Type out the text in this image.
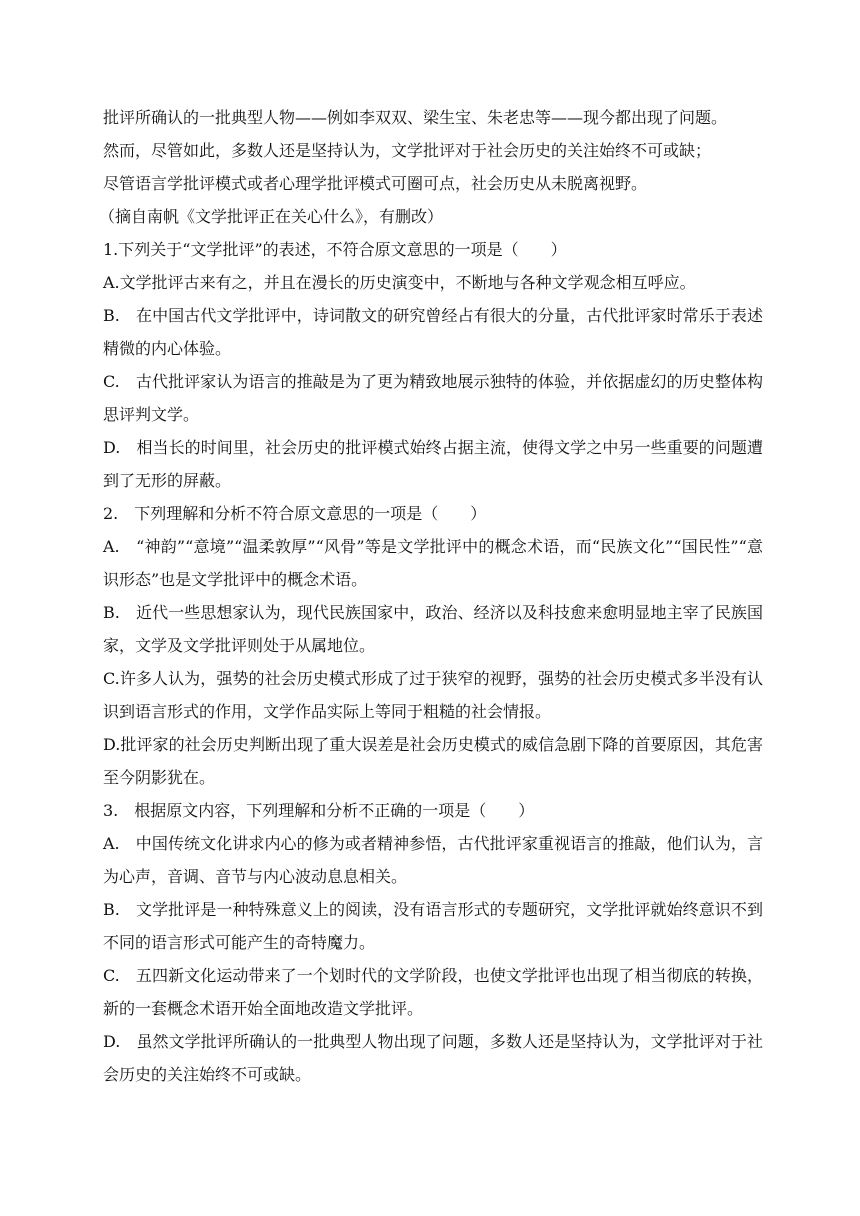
批评所确认的一批典型人物——例如李双双、梁生宝、朱老忠等——现今都出现了问题。

然而，尽管如此，多数人还是坚持认为，文学批评对于社会历史的关注始终不可或缺；

尽管语言学批评模式或者心理学批评模式可圈可点，社会历史从未脱离视野。

（摘自南帆《文学批评正在关心什么》，有删改）

1.下列关于“文学批评”的表述，不符合原文意思的一项是（　　）

A.文学批评古来有之，并且在漫长的历史演变中，不断地与各种文学观念相互呼应。

B.　在中国古代文学批评中，诗词散文的研究曾经占有很大的分量，古代批评家时常乐于表述精微的内心体验。

C.　古代批评家认为语言的推敲是为了更为精致地展示独特的体验，并依据虚幻的历史整体构思评判文学。

D.　相当长的时间里，社会历史的批评模式始终占据主流，使得文学之中另一些重要的问题遭到了无形的屏蔽。

2.　下列理解和分析不符合原文意思的一项是（　　）

A.　“神韵”“意境”“温柔敦厚”“风骨”等是文学批评中的概念术语，而“民族文化”“国民性”“意识形态”也是文学批评中的概念术语。

B.　近代一些思想家认为，现代民族国家中，政治、经济以及科技愈来愈明显地主宰了民族国家，文学及文学批评则处于从属地位。

C.许多人认为，强势的社会历史模式形成了过于狭窄的视野，强势的社会历史模式多半没有认识到语言形式的作用，文学作品实际上等同于粗糙的社会情报。

D.批评家的社会历史判断出现了重大误差是社会历史模式的威信急剧下降的首要原因，其危害至今阴影犹在。

3.　根据原文内容，下列理解和分析不正确的一项是（　　）

A.　中国传统文化讲求内心的修为或者精神参悟，古代批评家重视语言的推敲，他们认为，言为心声，音调、音节与内心波动息息相关。

B.　文学批评是一种特殊意义上的阅读，没有语言形式的专题研究，文学批评就始终意识不到不同的语言形式可能产生的奇特魔力。

C.　五四新文化运动带来了一个划时代的文学阶段，也使文学批评也出现了相当彻底的转换，新的一套概念术语开始全面地改造文学批评。

D.　虽然文学批评所确认的一批典型人物出现了问题，多数人还是坚持认为，文学批评对于社会历史的关注始终不可或缺。
